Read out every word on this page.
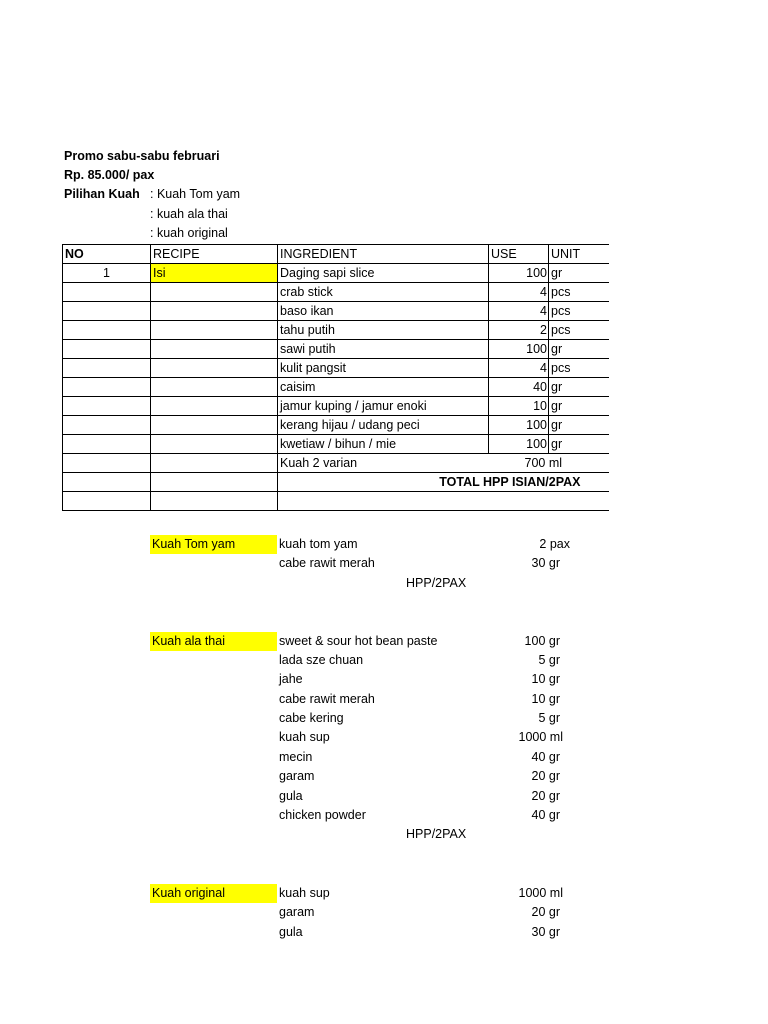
Promo sabu-sabu februari
Rp. 85.000/ pax
Pilihan Kuah : Kuah Tom yam
: kuah ala thai
: kuah original
NO	RECIPE	INGREDIENT	USE	UNIT
1	Isi	Daging sapi slice	100	gr
		crab stick	4	pcs
		baso ikan	4	pcs
		tahu putih	2	pcs
		sawi putih	100	gr
		kulit pangsit	4	pcs
		caisim	40	gr
		jamur kuping / jamur enoki	10	gr
		kerang hijau / udang peci	100	gr
		kwetiaw / bihun / mie	100	gr
		Kuah 2 varian	700 ml	
		TOTAL HPP ISIAN/2PAX		

Kuah Tom yam	kuah tom yam	2 pax
cabe rawit merah	30 gr
HPP/2PAX
Kuah ala thai	sweet & sour hot bean paste	100 gr
lada sze chuan	5 gr
jahe	10 gr
cabe rawit merah	10 gr
cabe kering	5 gr
kuah sup	1000 ml
mecin	40 gr
garam	20 gr
gula	20 gr
chicken powder	40 gr
HPP/2PAX
Kuah original	kuah sup	1000 ml
garam	20 gr
gula	30 gr
